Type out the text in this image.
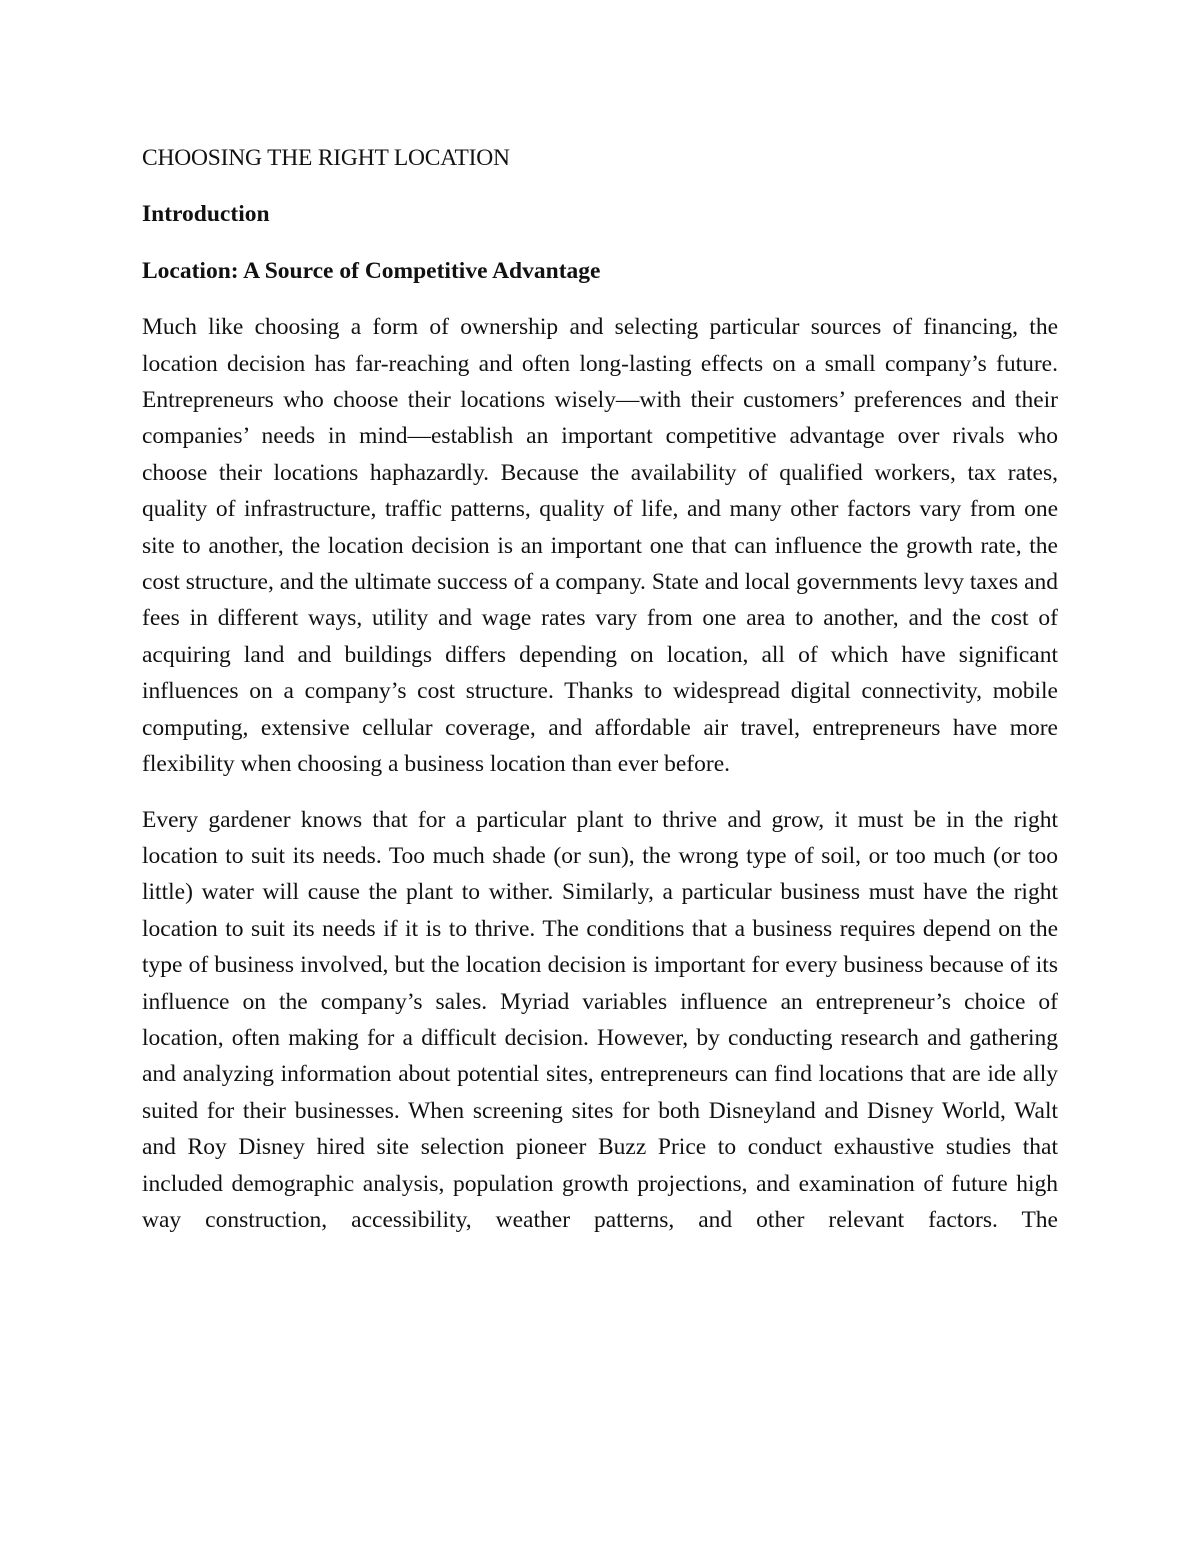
CHOOSING THE RIGHT LOCATION

Introduction

Location: A Source of Competitive Advantage

Much like choosing a form of ownership and selecting particular sources of financing, the location decision has far-reaching and often long-lasting effects on a small company’s future. Entrepreneurs who choose their locations wisely—with their customers’ preferences and their companies’ needs in mind—establish an important competitive advantage over rivals who choose their locations haphazardly. Because the availability of qualified workers, tax rates, quality of infrastructure, traffic patterns, quality of life, and many other factors vary from one site to another, the location decision is an important one that can influence the growth rate, the cost structure, and the ultimate success of a company. State and local governments levy taxes and fees in different ways, utility and wage rates vary from one area to another, and the cost of acquiring land and buildings differs depending on location, all of which have significant influences on a company’s cost structure. Thanks to widespread digital connectivity, mobile computing, extensive cellular coverage, and affordable air travel, entrepreneurs have more flexibility when choosing a business location than ever before.

Every gardener knows that for a particular plant to thrive and grow, it must be in the right location to suit its needs. Too much shade (or sun), the wrong type of soil, or too much (or too little) water will cause the plant to wither. Similarly, a particular business must have the right location to suit its needs if it is to thrive. The conditions that a business requires depend on the type of business involved, but the location decision is important for every business because of its influence on the company’s sales. Myriad variables influence an entrepreneur’s choice of location, often making for a difficult decision. However, by conducting research and gathering and analyzing information about potential sites, entrepreneurs can find locations that are ide ally suited for their businesses. When screening sites for both Disneyland and Disney World, Walt and Roy Disney hired site selection pioneer Buzz Price to conduct exhaustive studies that included demographic analysis, population growth projections, and examination of future high way construction, accessibility, weather patterns, and other relevant factors. The
